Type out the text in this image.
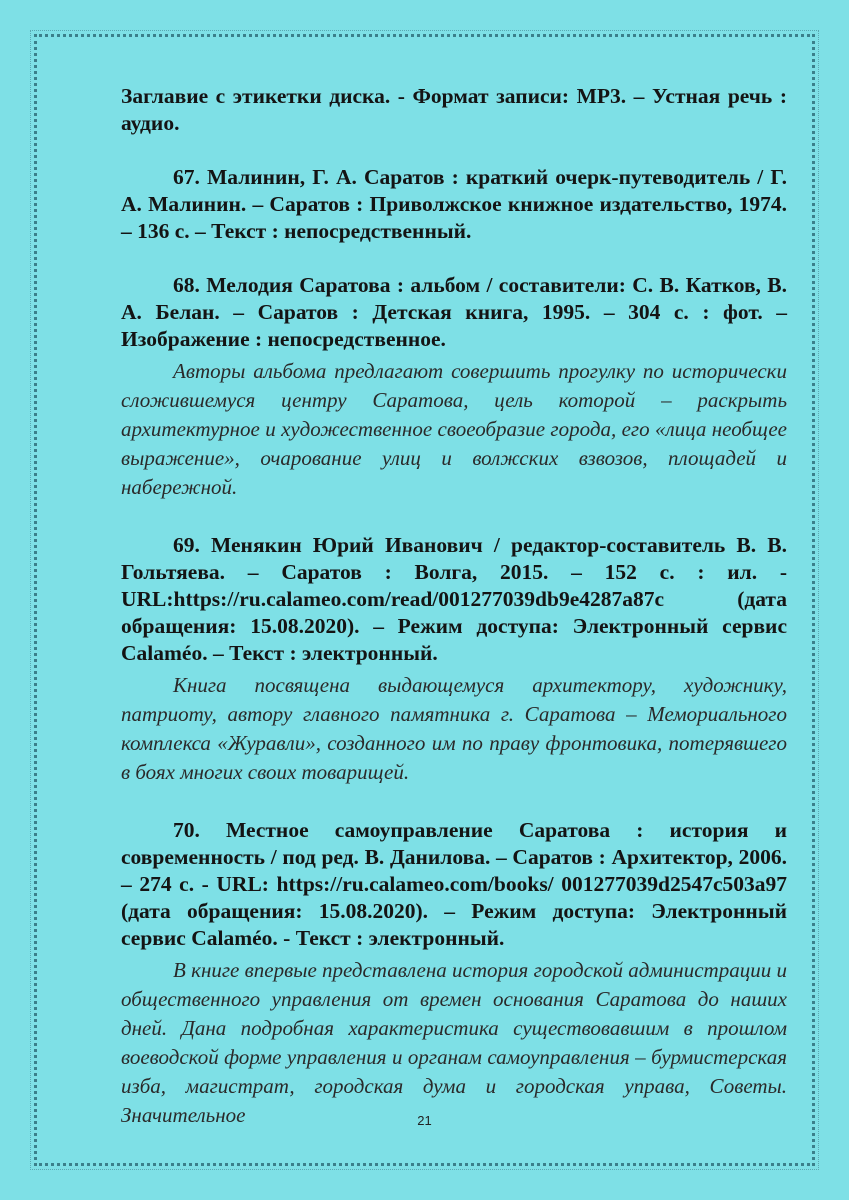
Заглавие с этикетки диска. - Формат записи: MP3. – Устная речь : аудио.

67. Малинин, Г. А. Саратов : краткий очерк-путеводитель / Г. А. Малинин. – Саратов : Приволжское книжное издательство, 1974. – 136 с. – Текст : непосредственный.

68. Мелодия Саратова : альбом / составители: С. В. Катков, В. А. Белан. – Саратов : Детская книга, 1995. – 304 с. : фот. – Изображение : непосредственное.

Авторы альбома предлагают совершить прогулку по исторически сложившемуся центру Саратова, цель которой – раскрыть архитектурное и художественное своеобразие города, его «лица необщее выражение», очарование улиц и волжских взвозов, площадей и набережной.

69. Менякин Юрий Иванович / редактор-составитель В. В. Гольтяева. – Саратов : Волга, 2015. – 152 с. : ил. - URL:https://ru.calameo.com/read/001277039db9e4287a87c (дата обращения: 15.08.2020). – Режим доступа: Электронный сервис Calaméo. – Текст : электронный.

Книга посвящена выдающемуся архитектору, художнику, патриоту, автору главного памятника г. Саратова – Мемориального комплекса «Журавли», созданного им по праву фронтовика, потерявшего в боях многих своих товарищей.

70. Местное самоуправление Саратова : история и современность / под ред. В. Данилова. – Саратов : Архитектор, 2006. – 274 с. - URL: https://ru.calameo.com/books/ 001277039d2547c503a97 (дата обращения: 15.08.2020). – Режим доступа: Электронный сервис Calaméo. - Текст : электронный.

В книге впервые представлена история городской администрации и общественного управления от времен основания Саратова до наших дней. Дана подробная характеристика существовавшим в прошлом воеводской форме управления и органам самоуправления – бурмистерская изба, магистрат, городская дума и городская управа, Советы. Значительное	21
